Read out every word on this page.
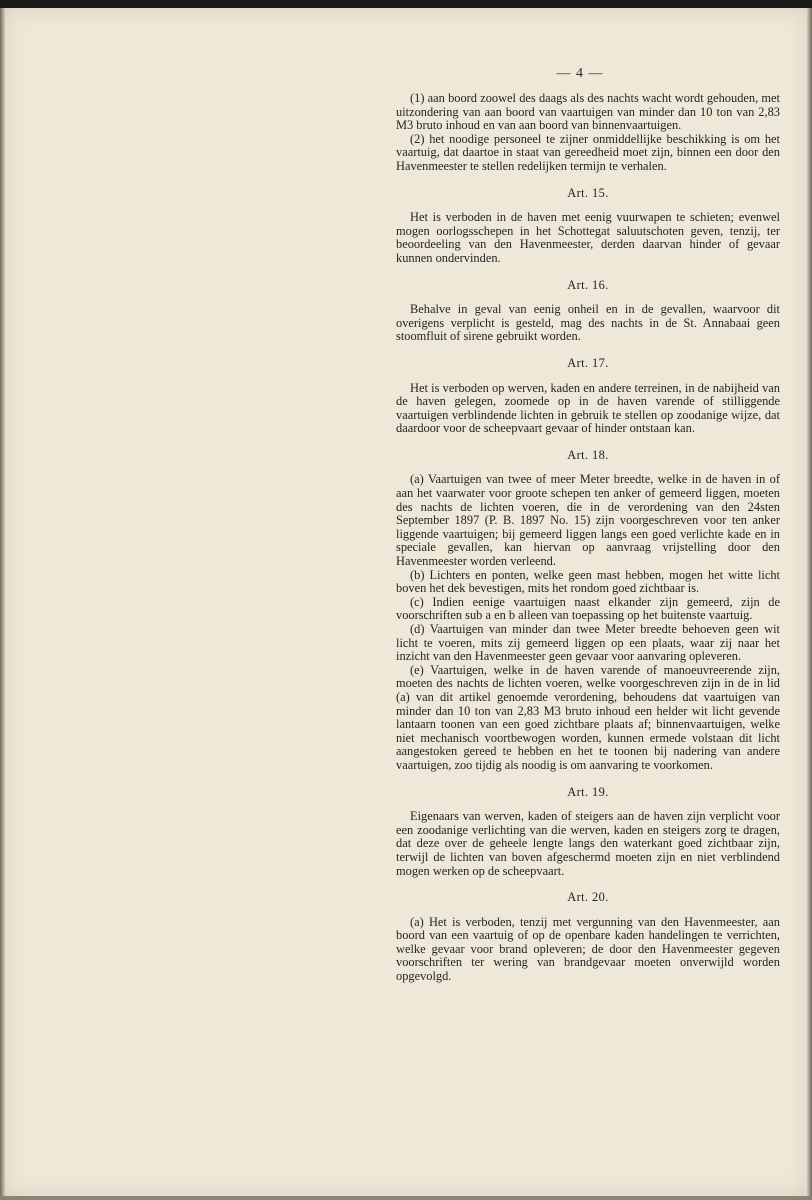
— 4 —

(1) aan boord zoowel des daags als des nachts wacht wordt gehouden, met uitzondering van aan boord van vaartuigen van minder dan 10 ton van 2,83 M3 bruto inhoud en van aan boord van binnenvaartuigen.

(2) het noodige personeel te zijner onmiddellijke beschikking is om het vaartuig, dat daartoe in staat van gereedheid moet zijn, binnen een door den Havenmeester te stellen redelijken termijn te verhalen.

Art. 15.

Het is verboden in de haven met eenig vuurwapen te schieten; evenwel mogen oorlogsschepen in het Schottegat saluutschoten geven, tenzij, ter beoordeeling van den Havenmeester, derden daarvan hinder of gevaar kunnen ondervinden.

Art. 16.

Behalve in geval van eenig onheil en in de gevallen, waarvoor dit overigens verplicht is gesteld, mag des nachts in de St. Annabaai geen stoomfluit of sirene gebruikt worden.

Art. 17.

Het is verboden op werven, kaden en andere terreinen, in de nabijheid van de haven gelegen, zoomede op in de haven varende of stilliggende vaartuigen verblindende lichten in gebruik te stellen op zoodanige wijze, dat daardoor voor de scheepvaart gevaar of hinder ontstaan kan.

Art. 18.

(a) Vaartuigen van twee of meer Meter breedte, welke in de haven in of aan het vaarwater voor groote schepen ten anker of gemeerd liggen, moeten des nachts de lichten voeren, die in de verordening van den 24sten September 1897 (P. B. 1897 No. 15) zijn voorgeschreven voor ten anker liggende vaartuigen; bij gemeerd liggen langs een goed verlichte kade en in speciale gevallen, kan hiervan op aanvraag vrijstelling door den Havenmeester worden verleend.

(b) Lichters en ponten, welke geen mast hebben, mogen het witte licht boven het dek bevestigen, mits het rondom goed zichtbaar is.

(c) Indien eenige vaartuigen naast elkander zijn gemeerd, zijn de voorschriften sub a en b alleen van toepassing op het buitenste vaartuig.

(d) Vaartuigen van minder dan twee Meter breedte behoeven geen wit licht te voeren, mits zij gemeerd liggen op een plaats, waar zij naar het inzicht van den Havenmeester geen gevaar voor aanvaring opleveren.

(e) Vaartuigen, welke in de haven varende of manoeuvreerende zijn, moeten des nachts de lichten voeren, welke voorgeschreven zijn in de in lid (a) van dit artikel genoemde verordening, behoudens dat vaartuigen van minder dan 10 ton van 2,83 M3 bruto inhoud een helder wit licht gevende lantaarn toonen van een goed zichtbare plaats af; binnenvaartuigen, welke niet mechanisch voortbewogen worden, kunnen ermede volstaan dit licht aangestoken gereed te hebben en het te toonen bij nadering van andere vaartuigen, zoo tijdig als noodig is om aanvaring te voorkomen.

Art. 19.

Eigenaars van werven, kaden of steigers aan de haven zijn verplicht voor een zoodanige verlichting van die werven, kaden en steigers zorg te dragen, dat deze over de geheele lengte langs den waterkant goed zichtbaar zijn, terwijl de lichten van boven afgeschermd moeten zijn en niet verblindend mogen werken op de scheepvaart.

Art. 20.

(a) Het is verboden, tenzij met vergunning van den Havenmeester, aan boord van een vaartuig of op de openbare kaden handelingen te verrichten, welke gevaar voor brand opleveren; de door den Havenmeester gegeven voorschriften ter wering van brandgevaar moeten onverwijld worden opgevolgd.
